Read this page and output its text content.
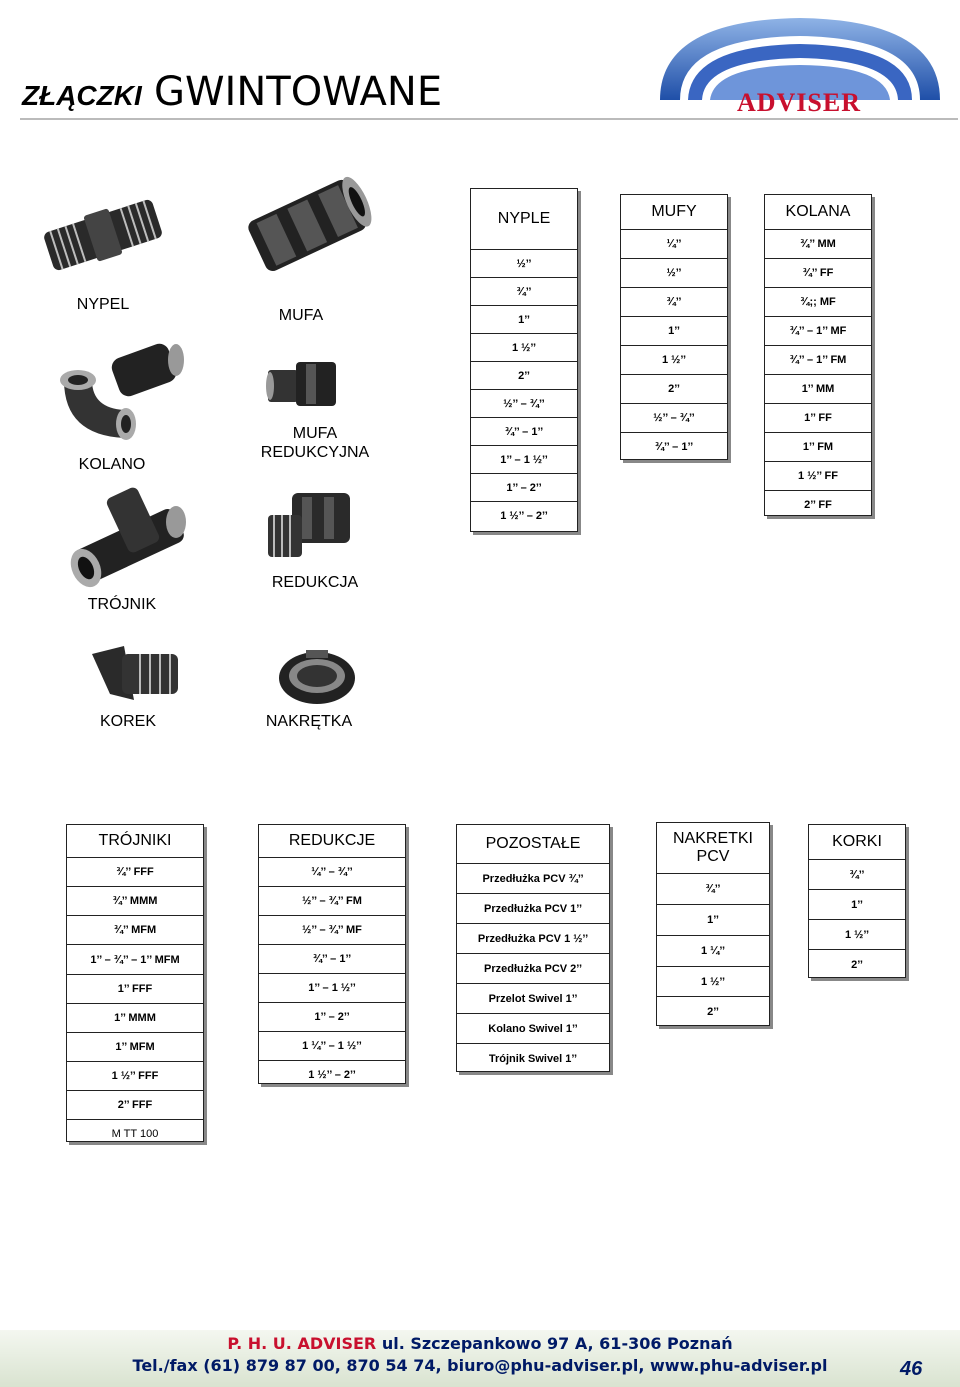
ZŁĄCZKI GWINTOWANE	ADVISER
NYPEL
MUFA
KOLANO
MUFA
REDUKCYJNA
TRÓJNIK
REDUKCJA
KOREK	NAKRĘTKA
NYPLE
½’’
¾’’
1’’
1 ½’’
2’’
½’’ – ¾’’
¾’’ – 1’’
1’’ – 1 ½’’
1’’ – 2’’
1 ½’’ – 2’’
MUFY
¼’’
½’’
¾’’
1’’
1 ½’’
2’’
½’’ – ¾’’
¾’’ – 1’’
KOLANA
¾’’ MM
¾’’ FF
¾;; MF
¾’’ – 1’’ MF
¾’’ – 1’’ FM
1’’ MM
1’’ FF
1’’ FM
1 ½’’ FF
2’’ FF
TRÓJNIKI
¾’’ FFF
¾’’ MMM
¾’’ MFM
1’’ – ¾’’ – 1’’ MFM
1’’ FFF
1’’ MMM
1’’ MFM
1 ½’’ FFF
2’’ FFF
M TT 100
REDUKCJE
¼’’ – ¾’’
½’’ – ¾’’ FM
½’’ – ¾’’ MF
¾’’ – 1’’
1’’ – 1 ½’’
1’’ – 2’’
1 ¼’’ – 1 ½’’
1 ½’’ – 2’’
POZOSTAŁE
Przedłużka PCV ¾’’
Przedłużka PCV 1’’
Przedłużka PCV 1 ½’’
Przedłużka PCV 2’’
Przelot Swivel 1’’
Kolano Swivel 1’’
Trójnik Swivel 1’’
NAKRETKI PCV
¾’’
1’’
1 ¼’’
1 ½’’
2’’
KORKI
¾’’
1’’
1 ½’’
2’’
P. H. U. ADVISER ul. Szczepankowo 97 A, 61-306 Poznań
Tel./fax (61) 879 87 00, 870 54 74, biuro@phu-adviser.pl, www.phu-adviser.pl	46
